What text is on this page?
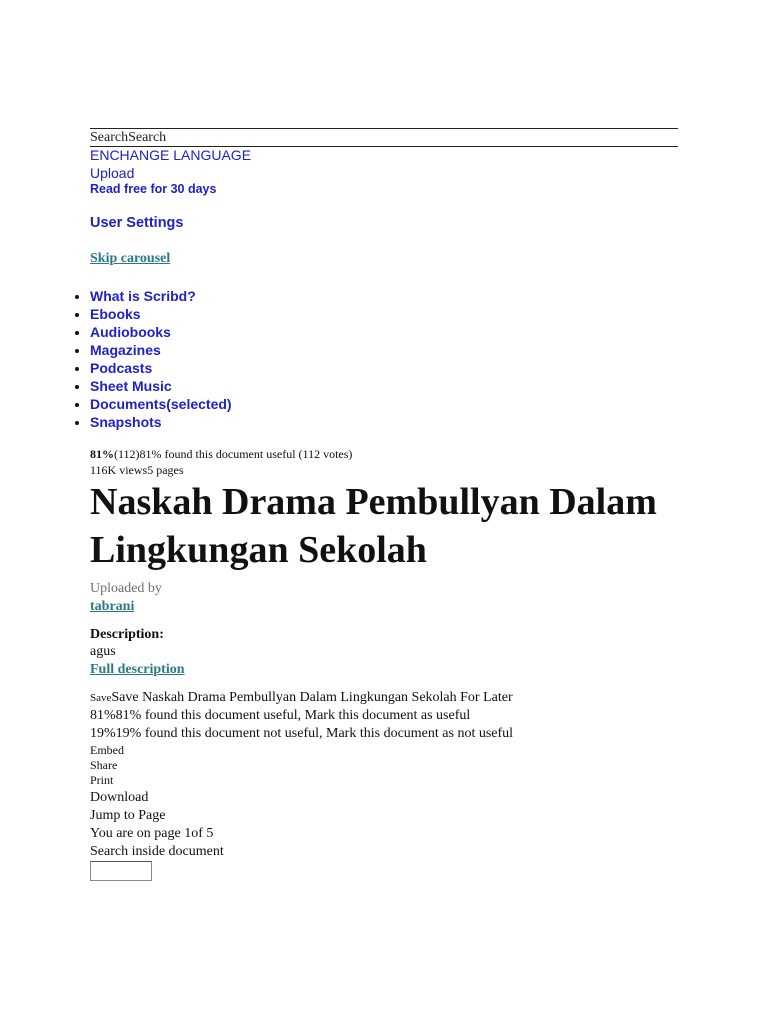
SearchSearch
ENCHANGE LANGUAGE
Upload
Read free for 30 days
User Settings
Skip carousel
• What is Scribd?
• Ebooks
• Audiobooks
• Magazines
• Podcasts
• Sheet Music
• Documents(selected)
• Snapshots
81%(112)81% found this document useful (112 votes)
116K views5 pages
Naskah Drama Pembullyan Dalam Lingkungan Sekolah
Uploaded by
tabrani
Description:
agus
Full description
SaveSave Naskah Drama Pembullyan Dalam Lingkungan Sekolah For Later
81%81% found this document useful, Mark this document as useful
19%19% found this document not useful, Mark this document as not useful
Embed
Share
Print
Download
Jump to Page
You are on page 1of 5
Search inside document
